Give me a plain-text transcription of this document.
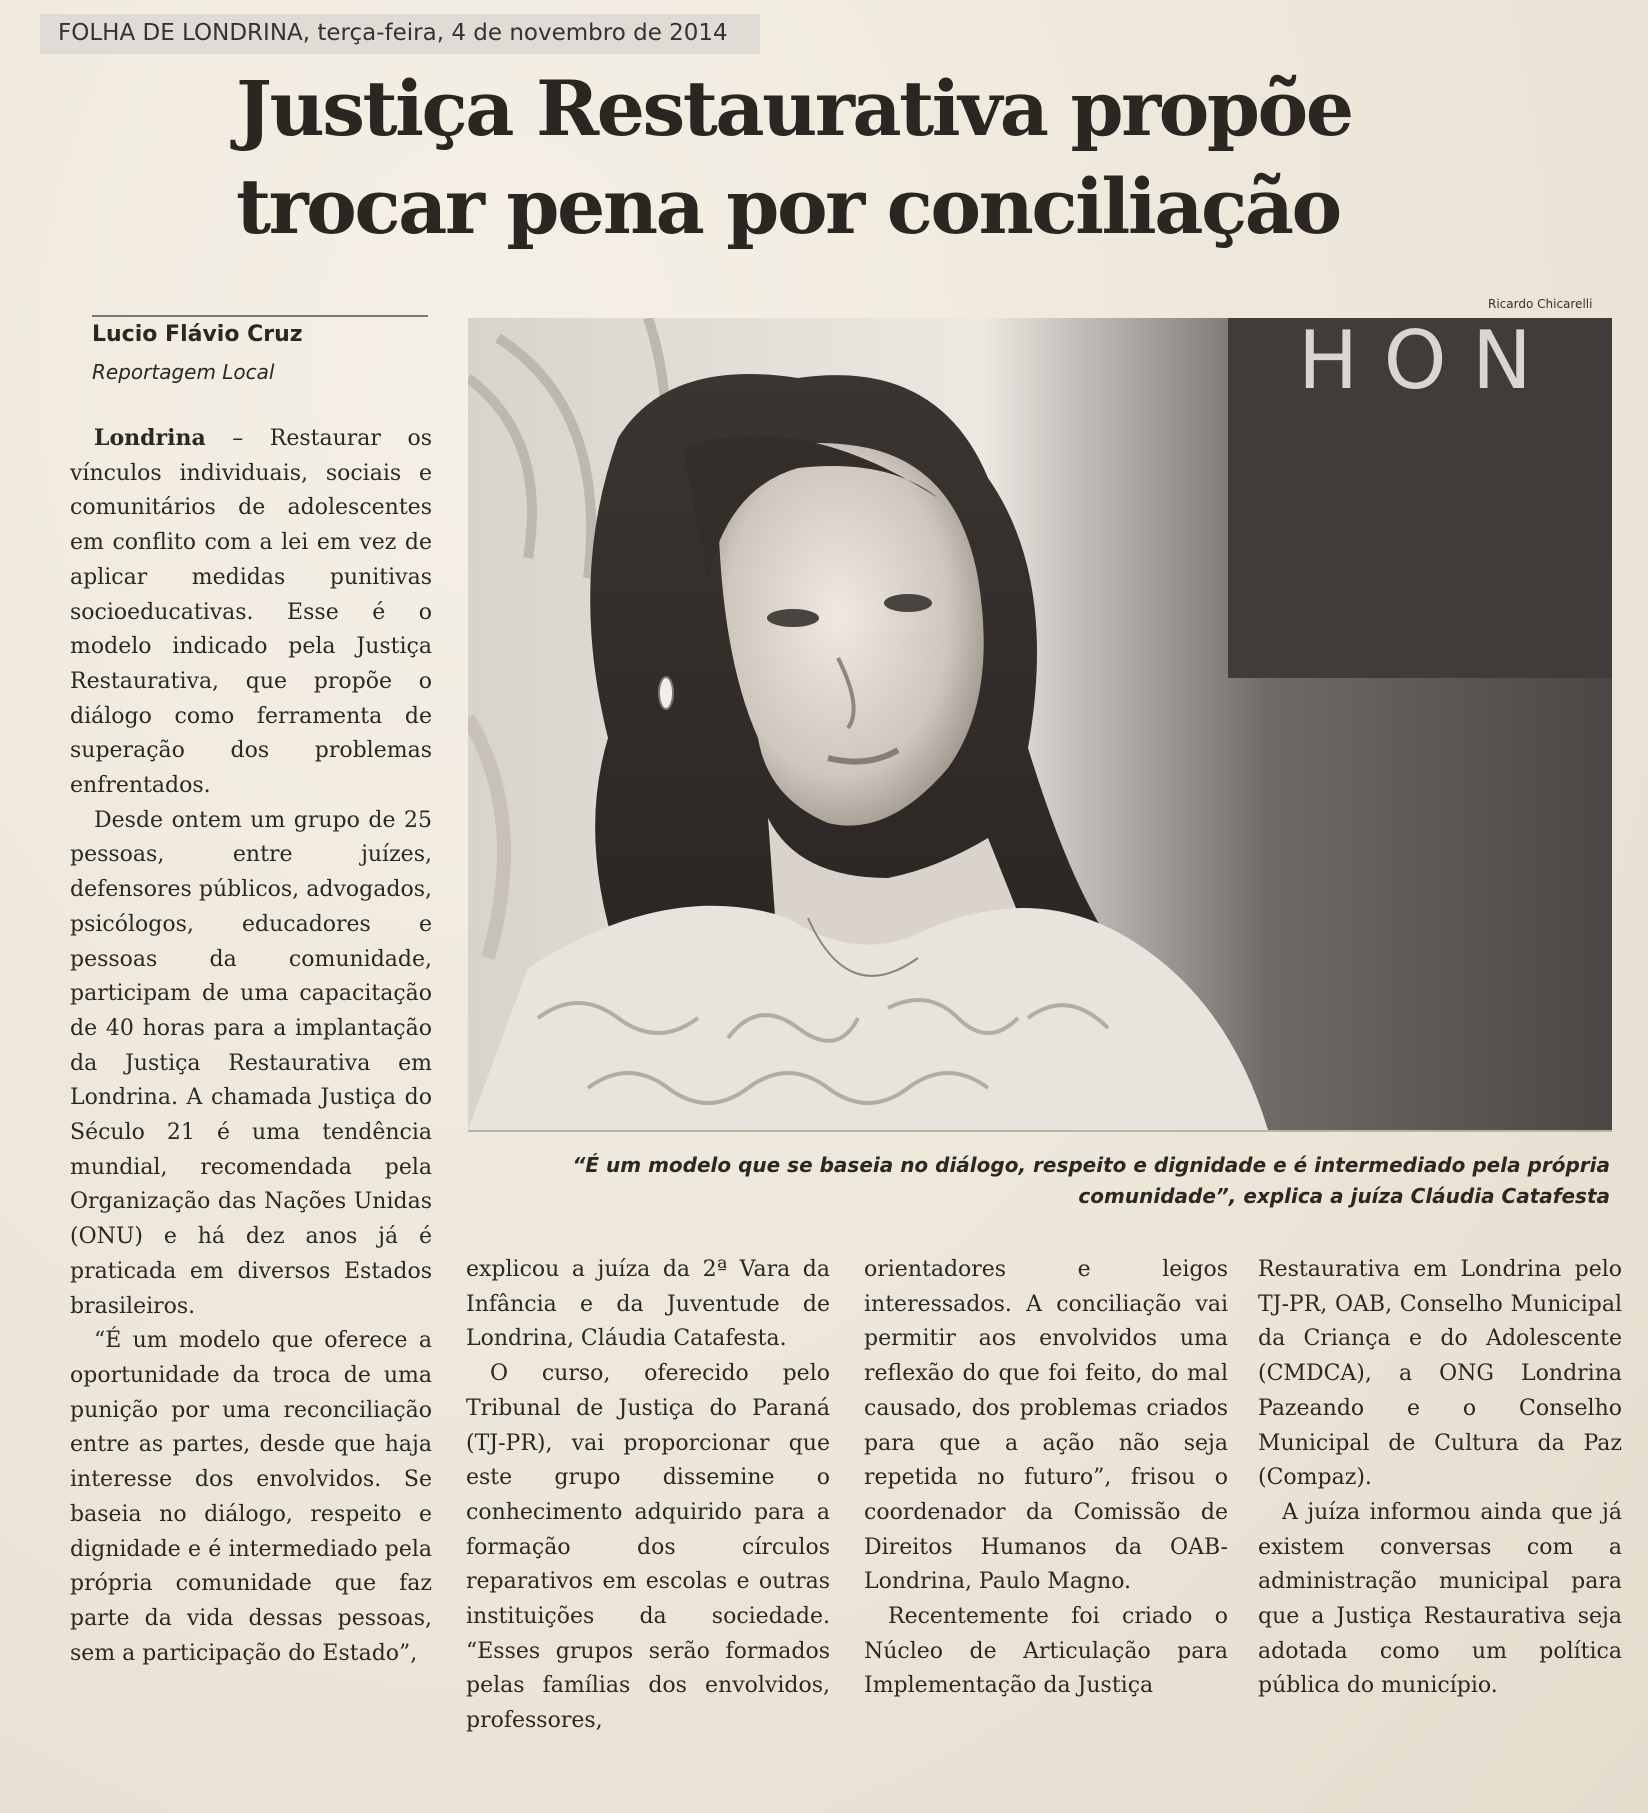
FOLHA DE LONDRINA, terça-feira, 4 de novembro de 2014
Justiça Restaurativa propõe
trocar pena por conciliação
Lucio Flávio Cruz
Reportagem Local
Ricardo Chicarelli
H O N
“É um modelo que se baseia no diálogo, respeito e dignidade e é intermediado pela própria comunidade”, explica a juíza Cláudia Catafesta

Londrina – Restaurar os vínculos individuais, sociais e comunitários de adolescentes em conflito com a lei em vez de aplicar medidas punitivas socioeducativas. Esse é o modelo indicado pela Justiça Restaurativa, que propõe o diálogo como ferramenta de superação dos problemas enfrentados.

Desde ontem um grupo de 25 pessoas, entre juízes, defensores públicos, advogados, psicólogos, educadores e pessoas da comunidade, participam de uma capacitação de 40 horas para a implantação da Justiça Restaurativa em Londrina. A chamada Justiça do Século 21 é uma tendência mundial, recomendada pela Organização das Nações Unidas (ONU) e há dez anos já é praticada em diversos Estados brasileiros.

“É um modelo que oferece a oportunidade da troca de uma punição por uma reconciliação entre as partes, desde que haja interesse dos envolvidos. Se baseia no diálogo, respeito e dignidade e é intermediado pela própria comunidade que faz parte da vida dessas pessoas, sem a participação do Estado”,

explicou a juíza da 2ª Vara da Infância e da Juventude de Londrina, Cláudia Catafesta.

O curso, oferecido pelo Tribunal de Justiça do Paraná (TJ-PR), vai proporcionar que este grupo dissemine o conhecimento adquirido para a formação dos círculos reparativos em escolas e outras instituições da sociedade. “Esses grupos serão formados pelas famílias dos envolvidos, professores,

orientadores e leigos interessados. A conciliação vai permitir aos envolvidos uma reflexão do que foi feito, do mal causado, dos problemas criados para que a ação não seja repetida no futuro”, frisou o coordenador da Comissão de Direitos Humanos da OAB-Londrina, Paulo Magno.

Recentemente foi criado o Núcleo de Articulação para Implementação da Justiça

Restaurativa em Londrina pelo TJ-PR, OAB, Conselho Municipal da Criança e do Adolescente (CMDCA), a ONG Londrina Pazeando e o Conselho Municipal de Cultura da Paz (Compaz).

A juíza informou ainda que já existem conversas com a administração municipal para que a Justiça Restaurativa seja adotada como um política pública do município.
